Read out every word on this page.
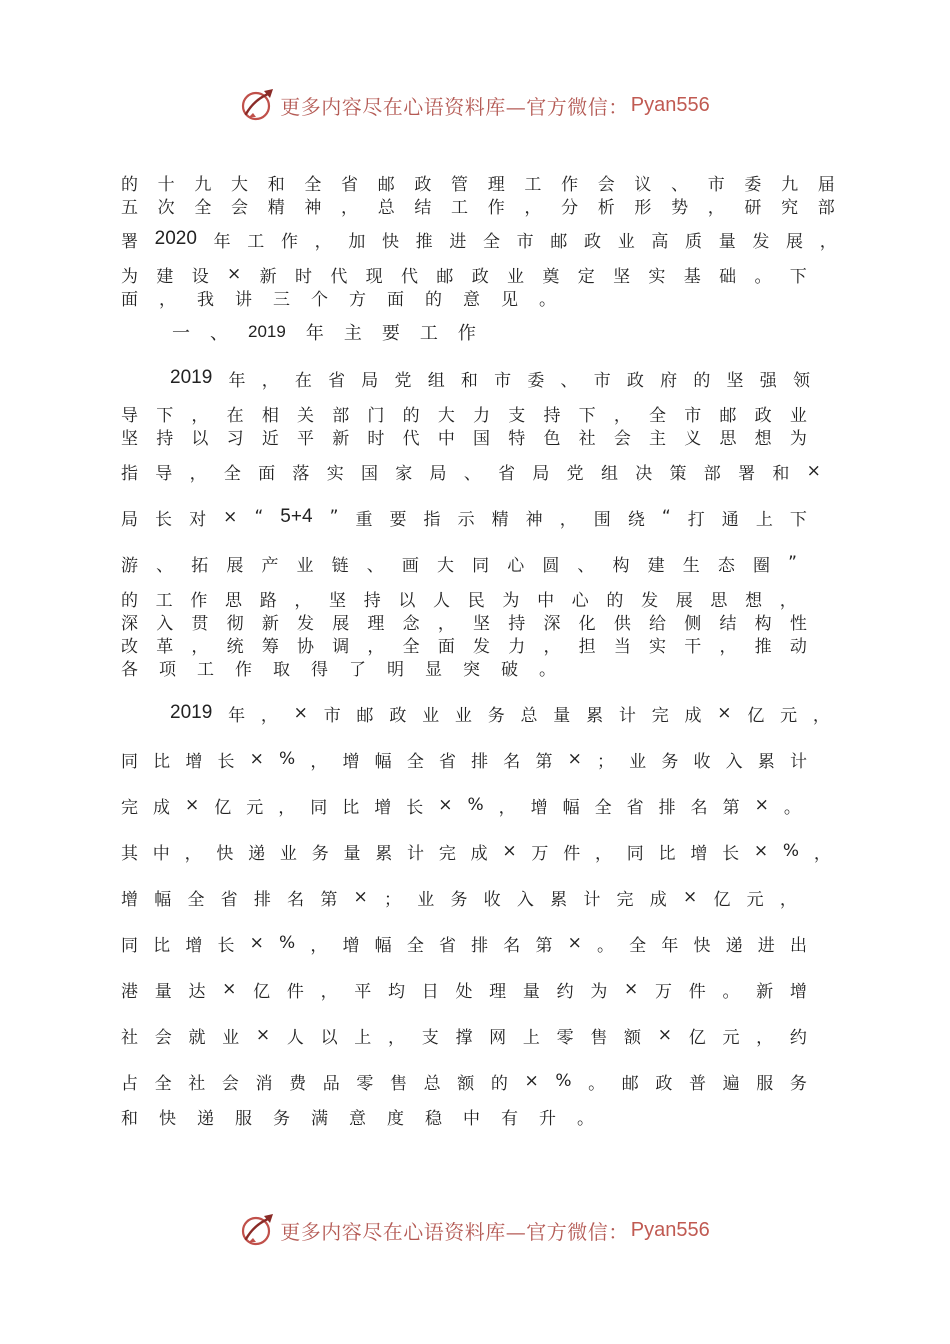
更多内容尽在心语资料库—官方微信： Pyan556
的 十 九 大 和 全 省 邮 政 管 理 工 作 会 议 、 市 委 九 届
五 次 全 会 精 神 ， 总 结 工 作 ， 分 析 形 势 ， 研 究 部
署 2020 年 工 作 ， 加 快 推 进 全 市 邮 政 业 高 质 量 发 展 ，
为 建 设 × 新 时 代 现 代 邮 政 业 奠 定 坚 实 基 础 。 下
面 ， 我 讲 三 个 方 面 的 意 见 。
一 、 2019 年 主 要 工 作
2019 年 ， 在 省 局 党 组 和 市 委 、 市 政 府 的 坚 强 领
导 下 ， 在 相 关 部 门 的 大 力 支 持 下 ， 全 市 邮 政 业
坚 持 以 习 近 平 新 时 代 中 国 特 色 社 会 主 义 思 想 为
指 导 ， 全 面 落 实 国 家 局 、 省 局 党 组 决 策 部 署 和 ×
局 长 对 × “ 5+4 ” 重 要 指 示 精 神 ， 围 绕 “ 打 通 上 下
游 、 拓 展 产 业 链 、 画 大 同 心 圆 、 构 建 生 态 圈 ”
的 工 作 思 路 ， 坚 持 以 人 民 为 中 心 的 发 展 思 想 ，
深 入 贯 彻 新 发 展 理 念 ， 坚 持 深 化 供 给 侧 结 构 性
改 革 ， 统 筹 协 调 ， 全 面 发 力 ， 担 当 实 干 ， 推 动
各 项 工 作 取 得 了 明 显 突 破 。
2019 年 ， × 市 邮 政 业 业 务 总 量 累 计 完 成 × 亿 元 ，
同 比 增 长 × % ， 增 幅 全 省 排 名 第 × ； 业 务 收 入 累 计
完 成 × 亿 元 ， 同 比 增 长 × % ， 增 幅 全 省 排 名 第 × 。
其 中 ， 快 递 业 务 量 累 计 完 成 × 万 件 ， 同 比 增 长 × % ，
增 幅 全 省 排 名 第 × ； 业 务 收 入 累 计 完 成 × 亿 元 ，
同 比 增 长 × % ， 增 幅 全 省 排 名 第 × 。 全 年 快 递 进 出
港 量 达 × 亿 件 ， 平 均 日 处 理 量 约 为 × 万 件 。 新 增
社 会 就 业 × 人 以 上 ， 支 撑 网 上 零 售 额 × 亿 元 ， 约
占 全 社 会 消 费 品 零 售 总 额 的 × % 。 邮 政 普 遍 服 务
和 快 递 服 务 满 意 度 稳 中 有 升 。
更多内容尽在心语资料库—官方微信： Pyan556
